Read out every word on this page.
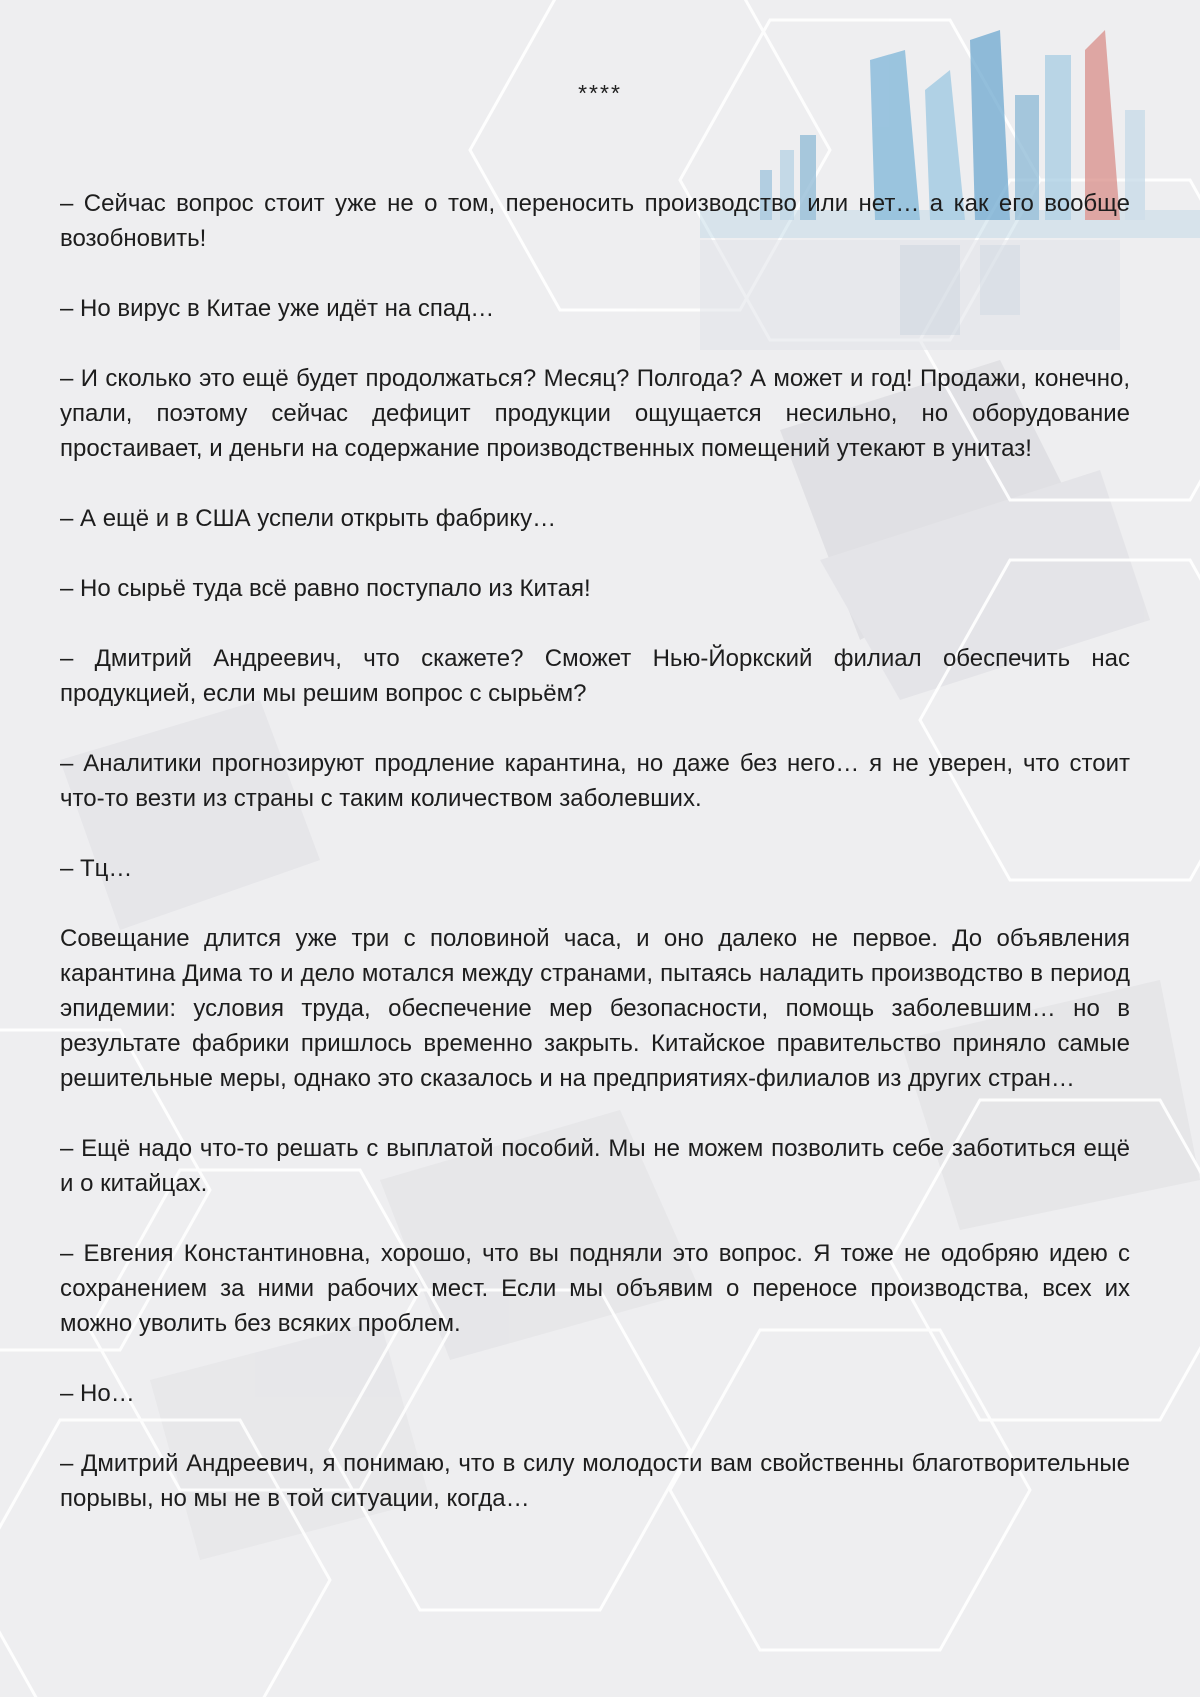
****

– Сейчас вопрос стоит уже не о том, переносить производство или нет… а как его вообще возобновить!

– Но вирус в Китае уже идёт на спад…

– И сколько это ещё будет продолжаться? Месяц? Полгода? А может и год! Продажи, конечно, упали, поэтому сейчас дефицит продукции ощущается несильно, но оборудование простаивает, и деньги на содержание производственных помещений утекают в унитаз!

– А ещё и в США успели открыть фабрику…

– Но сырьё туда всё равно поступало из Китая!

– Дмитрий Андреевич, что скажете? Сможет Нью-Йоркский филиал обеспечить нас продукцией, если мы решим вопрос с сырьём?

– Аналитики прогнозируют продление карантина, но даже без него… я не уверен, что стоит что-то везти из страны с таким количеством заболевших.

– Тц…

Совещание длится уже три с половиной часа, и оно далеко не первое. До объявления карантина Дима то и дело мотался между странами, пытаясь наладить производство в период эпидемии: условия труда, обеспечение мер безопасности, помощь заболевшим… но в результате фабрики пришлось временно закрыть. Китайское правительство приняло самые решительные меры, однако это сказалось и на предприятиях-филиалов из других стран…

– Ещё надо что-то решать с выплатой пособий. Мы не можем позволить себе заботиться ещё и о китайцах.

– Евгения Константиновна, хорошо, что вы подняли это вопрос. Я тоже не одобряю идею с сохранением за ними рабочих мест. Если мы объявим о переносе производства, всех их можно уволить без всяких проблем.

– Но…

– Дмитрий Андреевич, я понимаю, что в силу молодости вам свойственны благотворительные порывы, но мы не в той ситуации, когда…
